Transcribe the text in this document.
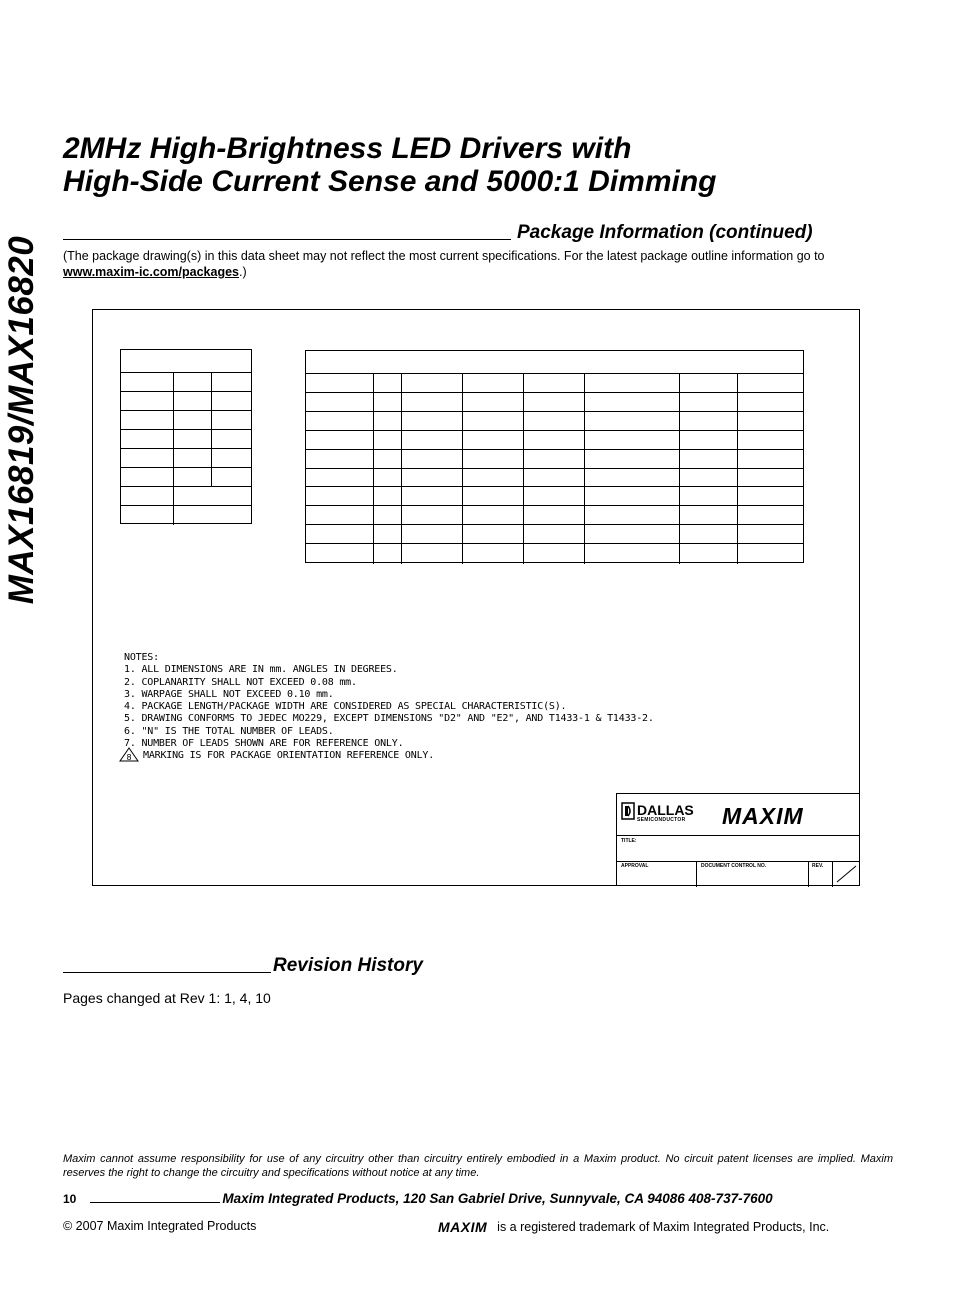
MAX16819/MAX16820
2MHz High-Brightness LED Drivers with
High-Side Current Sense and 5000:1 Dimming
Package Information (continued)
(The package drawing(s) in this data sheet may not reflect the most current specifications. For the latest package outline information go to www.maxim-ic.com/packages.)
NOTES:
1. ALL DIMENSIONS ARE IN mm. ANGLES IN DEGREES.
2. COPLANARITY SHALL NOT EXCEED 0.08 mm.
3. WARPAGE SHALL NOT EXCEED 0.10 mm.
4. PACKAGE LENGTH/PACKAGE WIDTH ARE CONSIDERED AS SPECIAL CHARACTERISTIC(S).
5. DRAWING CONFORMS TO JEDEC MO229, EXCEPT DIMENSIONS "D2" AND "E2", AND T1433-1 & T1433-2.
6. "N" IS THE TOTAL NUMBER OF LEADS.
7. NUMBER OF LEADS SHOWN ARE FOR REFERENCE ONLY.
8 MARKING IS FOR PACKAGE ORIENTATION REFERENCE ONLY.
DALLAS
SEMICONDUCTOR	MAXIM
TITLE:
APPROVAL	DOCUMENT CONTROL NO.	REV.
Revision History
Pages changed at Rev 1: 1, 4, 10
Maxim cannot assume responsibility for use of any circuitry other than circuitry entirely embodied in a Maxim product. No circuit patent licenses are implied. Maxim reserves the right to change the circuitry and specifications without notice at any time.
10	Maxim Integrated Products, 120 San Gabriel Drive, Sunnyvale, CA 94086 408-737-7600
© 2007 Maxim Integrated Products	MAXIM is a registered trademark of Maxim Integrated Products, Inc.
